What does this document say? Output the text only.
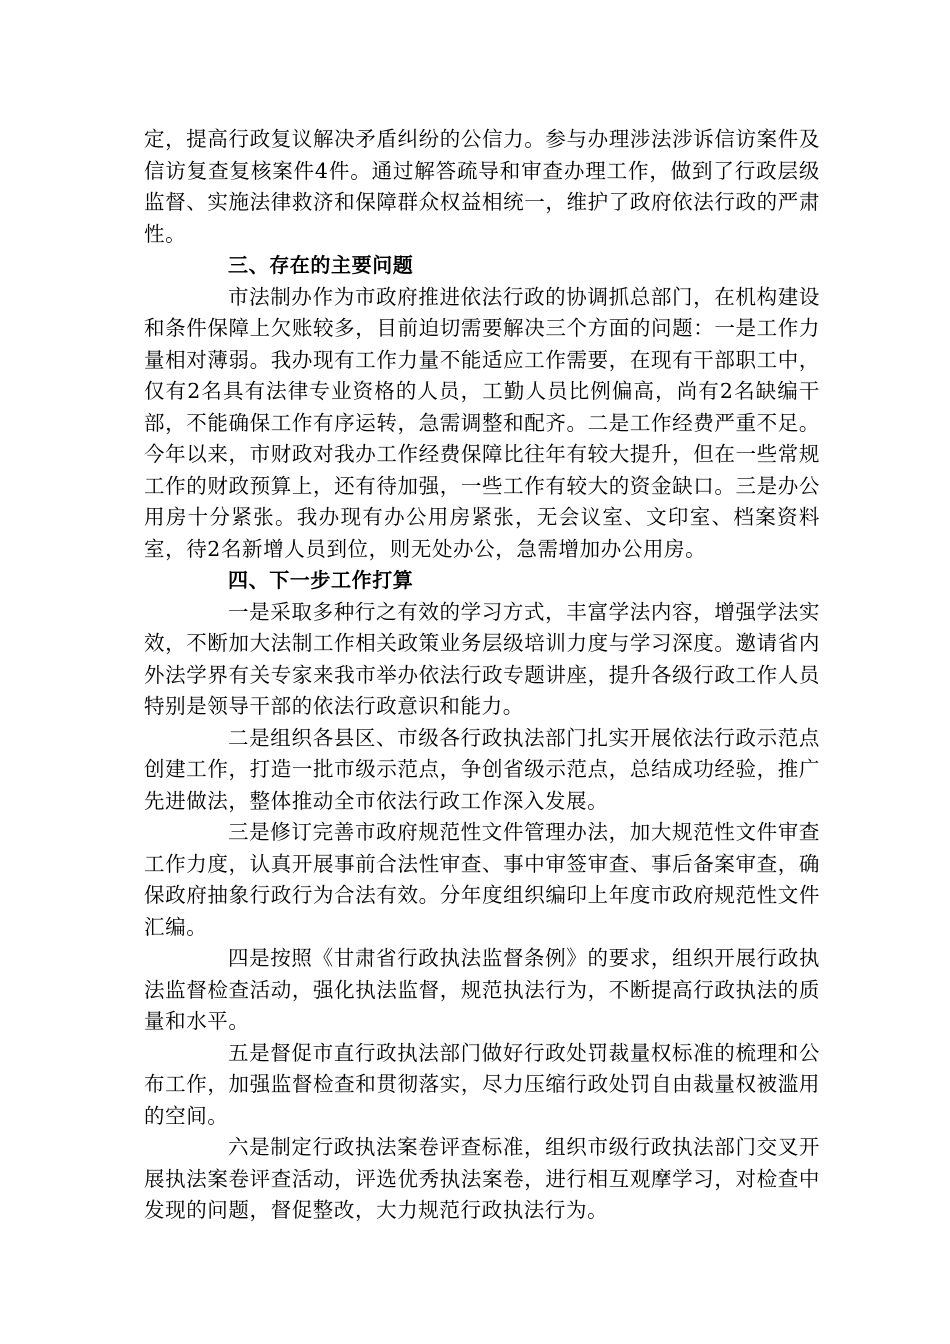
定，提高行政复议解决矛盾纠纷的公信力。参与办理涉法涉诉信访案件及信访复查复核案件4件。通过解答疏导和审查办理工作，做到了行政层级监督、实施法律救济和保障群众权益相统一，维护了政府依法行政的严肃性。

三、存在的主要问题

市法制办作为市政府推进依法行政的协调抓总部门，在机构建设和条件保障上欠账较多，目前迫切需要解决三个方面的问题：一是工作力量相对薄弱。我办现有工作力量不能适应工作需要，在现有干部职工中，仅有2名具有法律专业资格的人员，工勤人员比例偏高，尚有2名缺编干部，不能确保工作有序运转，急需调整和配齐。二是工作经费严重不足。今年以来，市财政对我办工作经费保障比往年有较大提升，但在一些常规工作的财政预算上，还有待加强，一些工作有较大的资金缺口。三是办公用房十分紧张。我办现有办公用房紧张，无会议室、文印室、档案资料室，待2名新增人员到位，则无处办公，急需增加办公用房。

四、下一步工作打算

一是采取多种行之有效的学习方式，丰富学法内容，增强学法实效，不断加大法制工作相关政策业务层级培训力度与学习深度。邀请省内外法学界有关专家来我市举办依法行政专题讲座，提升各级行政工作人员特别是领导干部的依法行政意识和能力。

二是组织各县区、市级各行政执法部门扎实开展依法行政示范点创建工作，打造一批市级示范点，争创省级示范点，总结成功经验，推广先进做法，整体推动全市依法行政工作深入发展。

三是修订完善市政府规范性文件管理办法，加大规范性文件审查工作力度，认真开展事前合法性审查、事中审签审查、事后备案审查，确保政府抽象行政行为合法有效。分年度组织编印上年度市政府规范性文件汇编。

四是按照《甘肃省行政执法监督条例》的要求，组织开展行政执法监督检查活动，强化执法监督，规范执法行为，不断提高行政执法的质量和水平。

五是督促市直行政执法部门做好行政处罚裁量权标准的梳理和公布工作，加强监督检查和贯彻落实，尽力压缩行政处罚自由裁量权被滥用的空间。

六是制定行政执法案卷评查标准，组织市级行政执法部门交叉开展执法案卷评查活动，评选优秀执法案卷，进行相互观摩学习，对检查中发现的问题，督促整改，大力规范行政执法行为。
